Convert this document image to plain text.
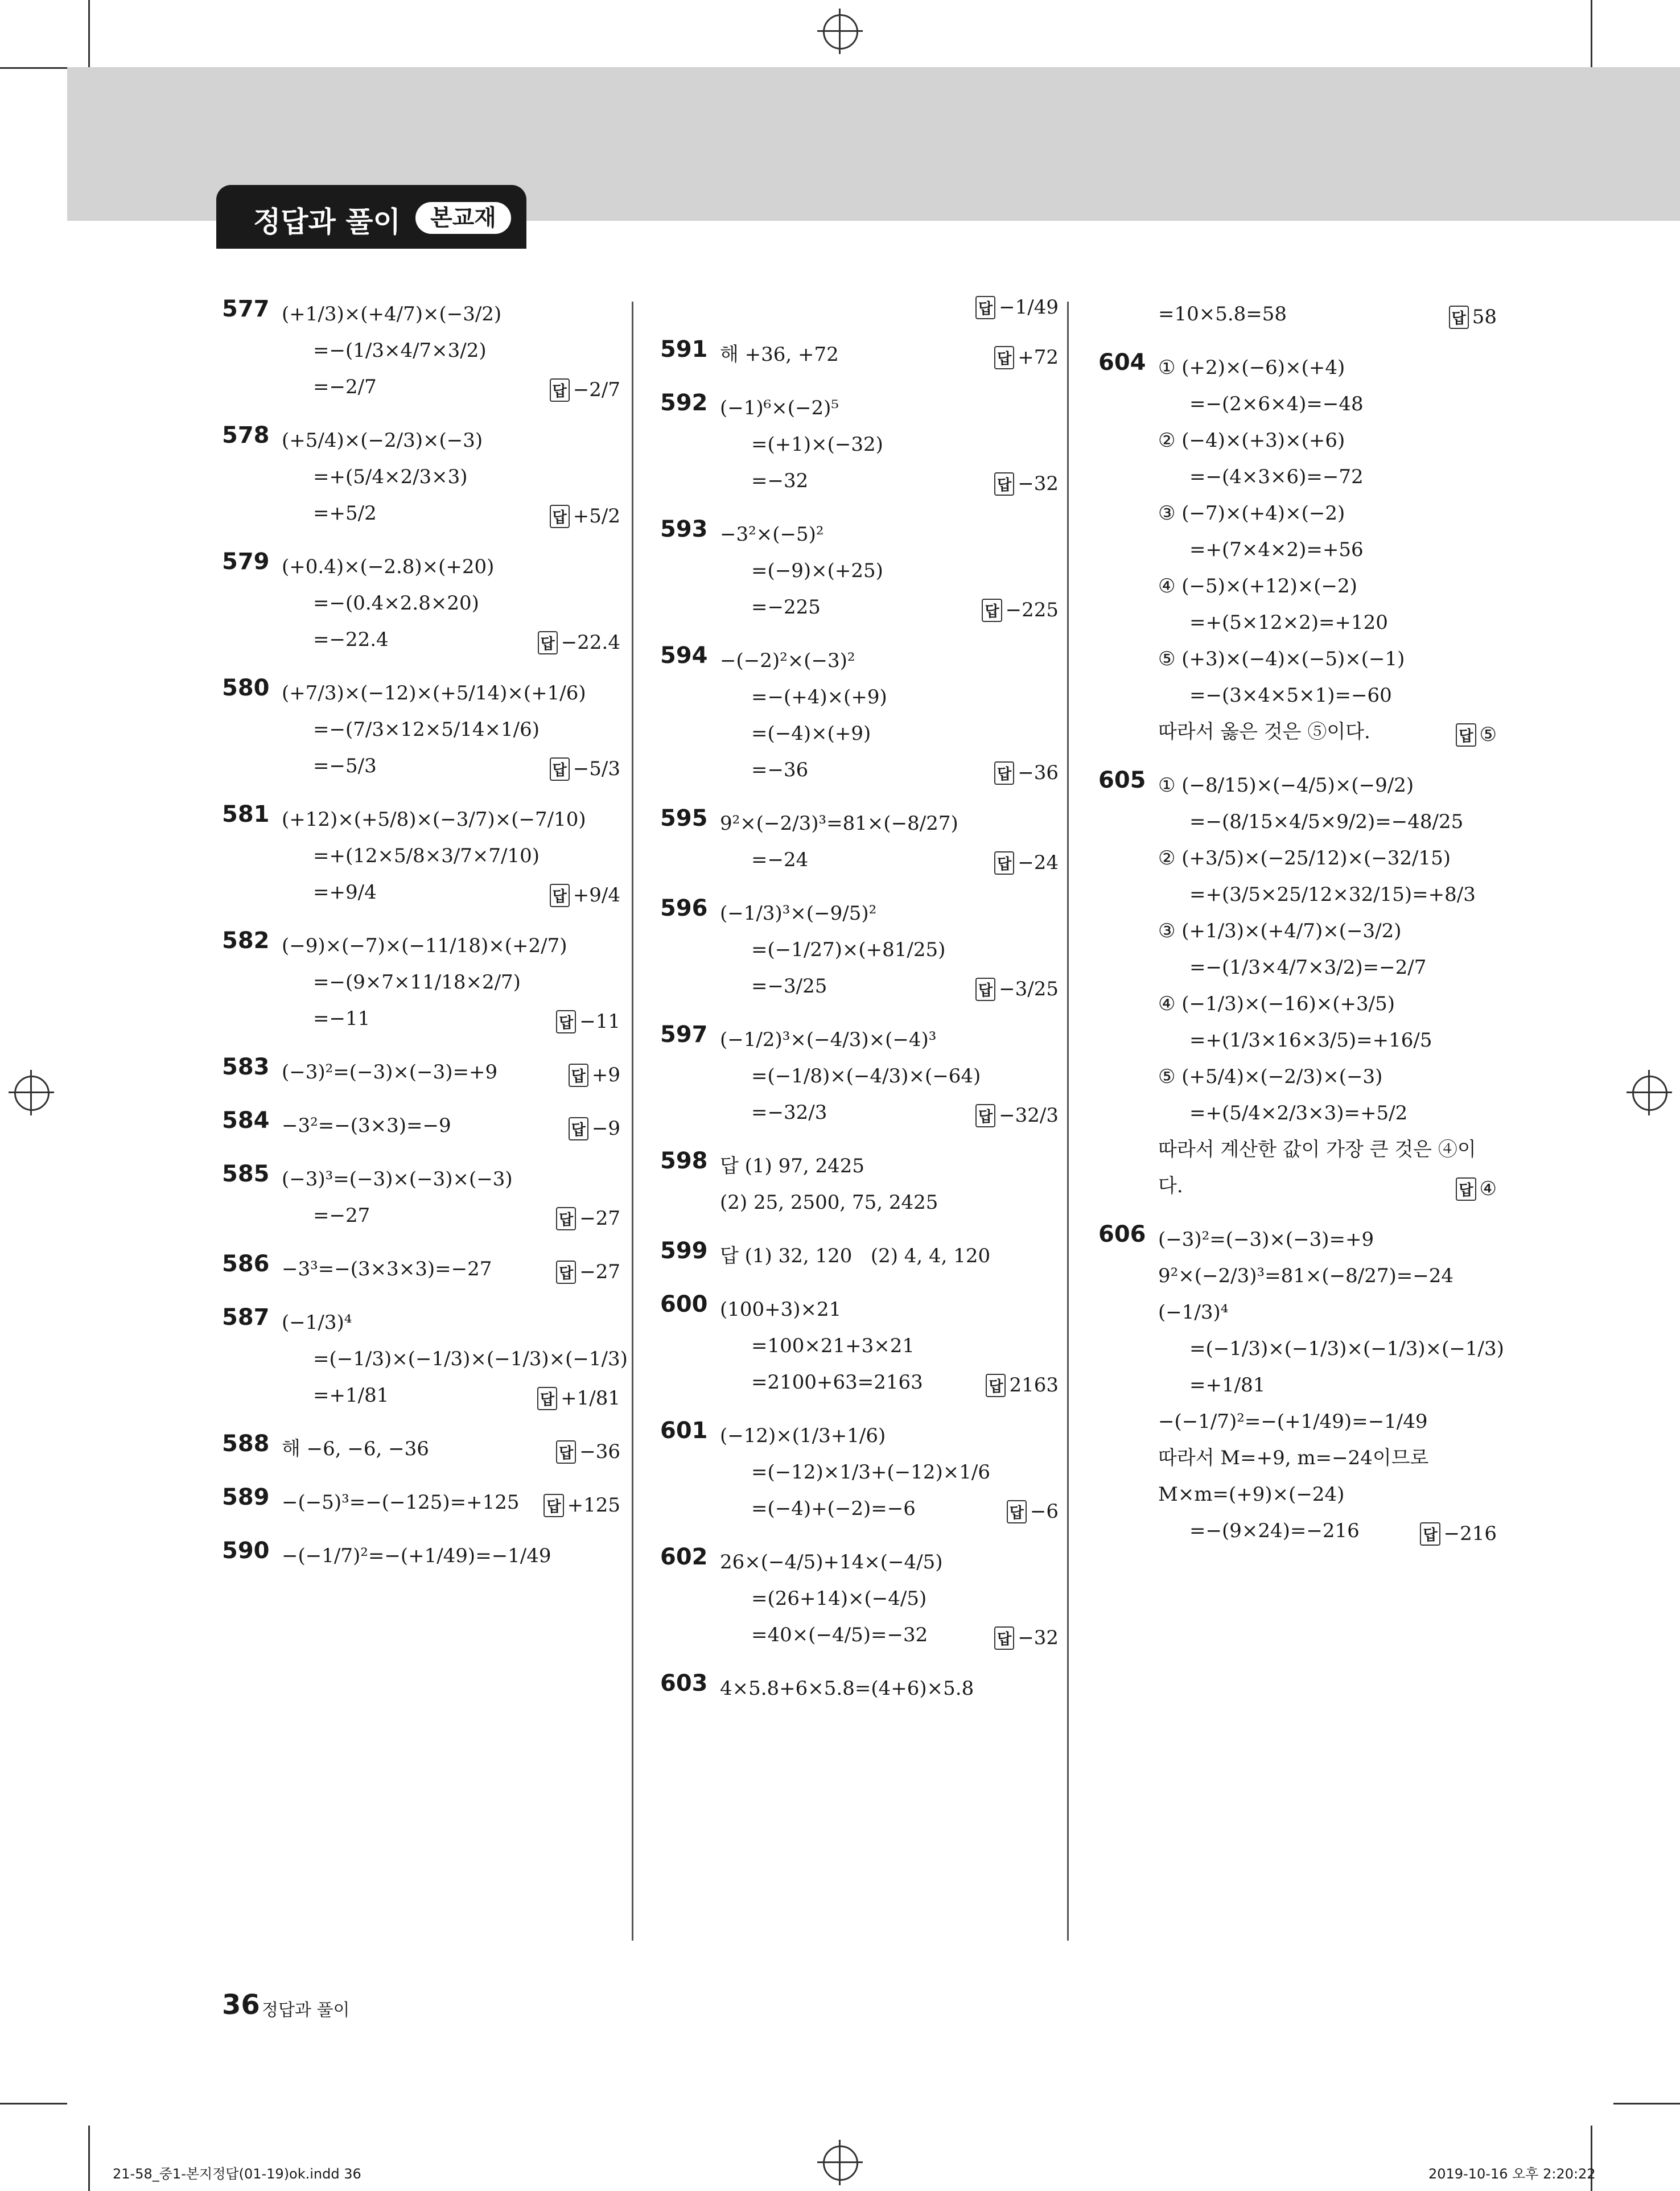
정답과 풀이	본교재
577 (+1/3)×(+4/7)×(−3/2)
=−(1/3×4/7×3/2)
=−2/7	답 −2/7
578 (+5/4)×(−2/3)×(−3)
=+(5/4×2/3×3)
=+5/2	답 +5/2
579 (+0.4)×(−2.8)×(+20)
=−(0.4×2.8×20)
=−22.4	답 −22.4
580 (+7/3)×(−12)×(+5/14)×(+1/6)
=−(7/3×12×5/14×1/6)
=−5/3	답 −5/3
581 (+12)×(+5/8)×(−3/7)×(−7/10)
=+(12×5/8×3/7×7/10)
=+9/4	답 +9/4
582 (−9)×(−7)×(−11/18)×(+2/7)
=−(9×7×11/18×2/7)
=−11	답 −11
583 (−3)²=(−3)×(−3)=+9	답 +9
584 −3²=−(3×3)=−9	답 −9
585 (−3)³=(−3)×(−3)×(−3)
=−27	답 −27
586 −3³=−(3×3×3)=−27	답 −27
587 (−1/3)⁴
=(−1/3)×(−1/3)×(−1/3)×(−1/3)
=+1/81	답 +1/81
588 해 −6, −6, −36	답 −36
589 −(−5)³=−(−125)=+125	답 +125
590 −(−1/7)²=−(+1/49)=−1/49
답 −1/49
591 해 +36, +72	답 +72
592 (−1)⁶×(−2)⁵
=(+1)×(−32)
=−32	답 −32
593 −3²×(−5)²
=(−9)×(+25)
=−225	답 −225
594 −(−2)²×(−3)²
=−(+4)×(+9)
=(−4)×(+9)
=−36	답 −36
595 9²×(−2/3)³=81×(−8/27)
=−24	답 −24
596 (−1/3)³×(−9/5)²
=(−1/27)×(+81/25)
=−3/25	답 −3/25
597 (−1/2)³×(−4/3)×(−4)³
=(−1/8)×(−4/3)×(−64)
=−32/3	답 −32/3
598 답 (1) 97, 2425
(2) 25, 2500, 75, 2425
599 답 (1) 32, 120   (2) 4, 4, 120
600 (100+3)×21
=100×21+3×21
=2100+63=2163	답 2163
601 (−12)×(1/3+1/6)
=(−12)×1/3+(−12)×1/6
=(−4)+(−2)=−6	답 −6
602 26×(−4/5)+14×(−4/5)
=(26+14)×(−4/5)
=40×(−4/5)=−32	답 −32
603 4×5.8+6×5.8=(4+6)×5.8
=10×5.8=58	답 58
604 ① (+2)×(−6)×(+4)
=−(2×6×4)=−48
② (−4)×(+3)×(+6)
=−(4×3×6)=−72
③ (−7)×(+4)×(−2)
=+(7×4×2)=+56
④ (−5)×(+12)×(−2)
=+(5×12×2)=+120
⑤ (+3)×(−4)×(−5)×(−1)
=−(3×4×5×1)=−60
따라서 옳은 것은 ⑤이다.	답 ⑤
605 ① (−8/15)×(−4/5)×(−9/2)
=−(8/15×4/5×9/2)=−48/25
② (+3/5)×(−25/12)×(−32/15)
=+(3/5×25/12×32/15)=+8/3
③ (+1/3)×(+4/7)×(−3/2)
=−(1/3×4/7×3/2)=−2/7
④ (−1/3)×(−16)×(+3/5)
=+(1/3×16×3/5)=+16/5
⑤ (+5/4)×(−2/3)×(−3)
=+(5/4×2/3×3)=+5/2
따라서 계산한 값이 가장 큰 것은 ④이
다.	답 ④
606 (−3)²=(−3)×(−3)=+9
9²×(−2/3)³=81×(−8/27)=−24
(−1/3)⁴
=(−1/3)×(−1/3)×(−1/3)×(−1/3)
=+1/81
−(−1/7)²=−(+1/49)=−1/49
따라서 M=+9, m=−24이므로
M×m=(+9)×(−24)
=−(9×24)=−216	답 −216
36 정답과 풀이
21-58_중1-본지정답(01-19)ok.indd 36	2019-10-16 오후 2:20:22
